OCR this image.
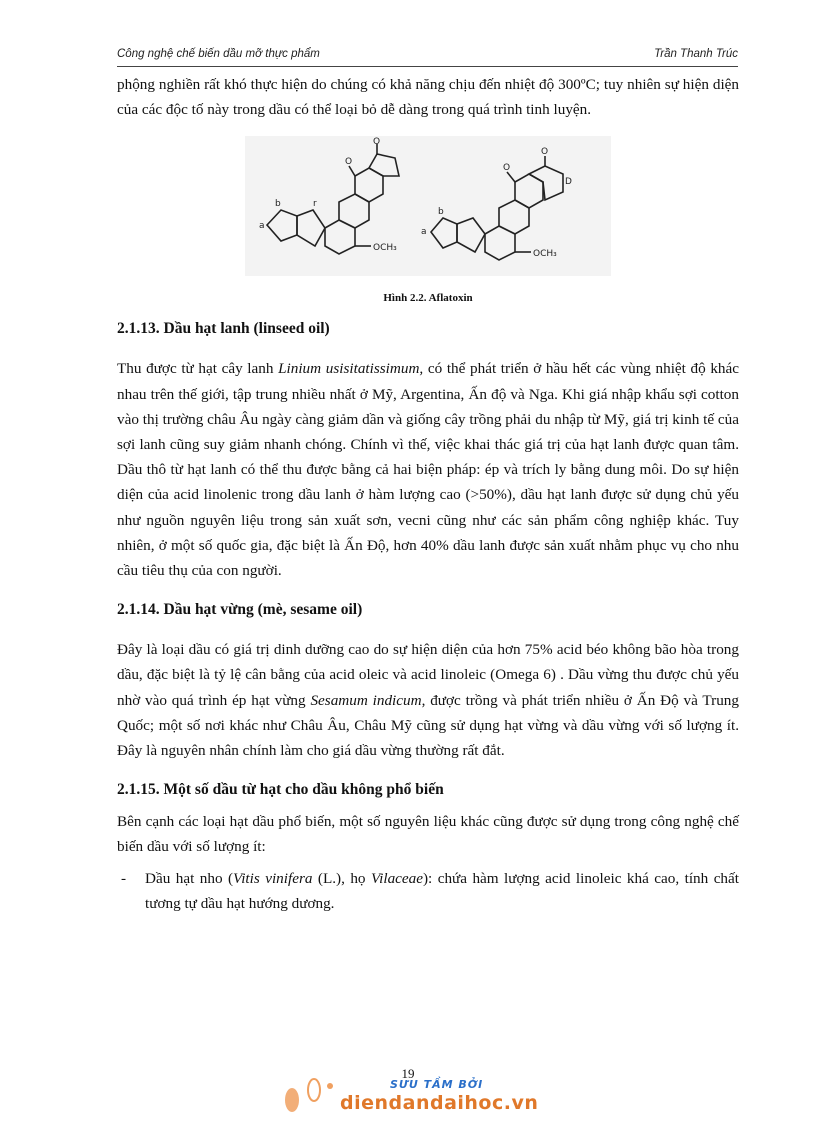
Công nghệ chế biến dầu mỡ thực phẩm	Trần Thanh Trúc

phộng nghiền rất khó thực hiện do chúng có khả năng chịu đến nhiệt độ 300ºC; tuy nhiên sự hiện diện của các độc tố này trong dầu có thể loại bỏ dễ dàng trong quá trình tinh luyện.

a
b	r
OCH₃
a
b
D
OCH₃
O
O
O
O
Hình 2.2. Aflatoxin
2.1.13. Dầu hạt lanh (linseed oil)

Thu được từ hạt cây lanh Linium usisitatissimum, có thể phát triển ở hầu hết các vùng nhiệt độ khác nhau trên thế giới, tập trung nhiều nhất ở Mỹ, Argentina, Ấn độ và Nga. Khi giá nhập khẩu sợi cotton vào thị trường châu Âu ngày càng giảm dần và giống cây trồng phải du nhập từ Mỹ, giá trị kinh tế của sợi lanh cũng suy giảm nhanh chóng. Chính vì thế, việc khai thác giá trị của hạt lanh được quan tâm. Dầu thô từ hạt lanh có thể thu được bằng cả hai biện pháp: ép và trích ly bằng dung môi. Do sự hiện diện của acid linolenic trong dầu lanh ở hàm lượng cao (>50%), dầu hạt lanh được sử dụng chủ yếu như nguồn nguyên liệu trong sản xuất sơn, vecni cũng như các sản phẩm công nghiệp khác. Tuy nhiên, ở một số quốc gia, đặc biệt là Ấn Độ, hơn 40% dầu lanh được sản xuất nhằm phục vụ cho nhu cầu tiêu thụ của con người.

2.1.14. Dầu hạt vừng (mè, sesame oil)

Đây là loại dầu có giá trị dinh dưỡng cao do sự hiện diện của hơn 75% acid béo không bão hòa trong dầu, đặc biệt là tỷ lệ cân bằng của acid oleic và acid linoleic (Omega 6) . Dầu vừng thu được chủ yếu nhờ vào quá trình ép hạt vừng Sesamum indicum, được trồng và phát triển nhiều ở Ấn Độ và Trung Quốc; một số nơi khác như Châu Âu, Châu Mỹ cũng sử dụng hạt vừng và dầu vừng với số lượng ít. Đây là nguyên nhân chính làm cho giá dầu vừng thường rất đắt.

2.1.15. Một số dầu từ hạt cho dầu không phổ biến

Bên cạnh các loại hạt dầu phổ biến, một số nguyên liệu khác cũng được sử dụng trong công nghệ chế biến dầu với số lượng ít:

- Dầu hạt nho (Vitis vinifera (L.), họ Vilaceae): chứa hàm lượng acid linoleic khá cao, tính chất tương tự dầu hạt hướng dương.
19
SƯU TẦM BỞI
diendandaihoc.vn
